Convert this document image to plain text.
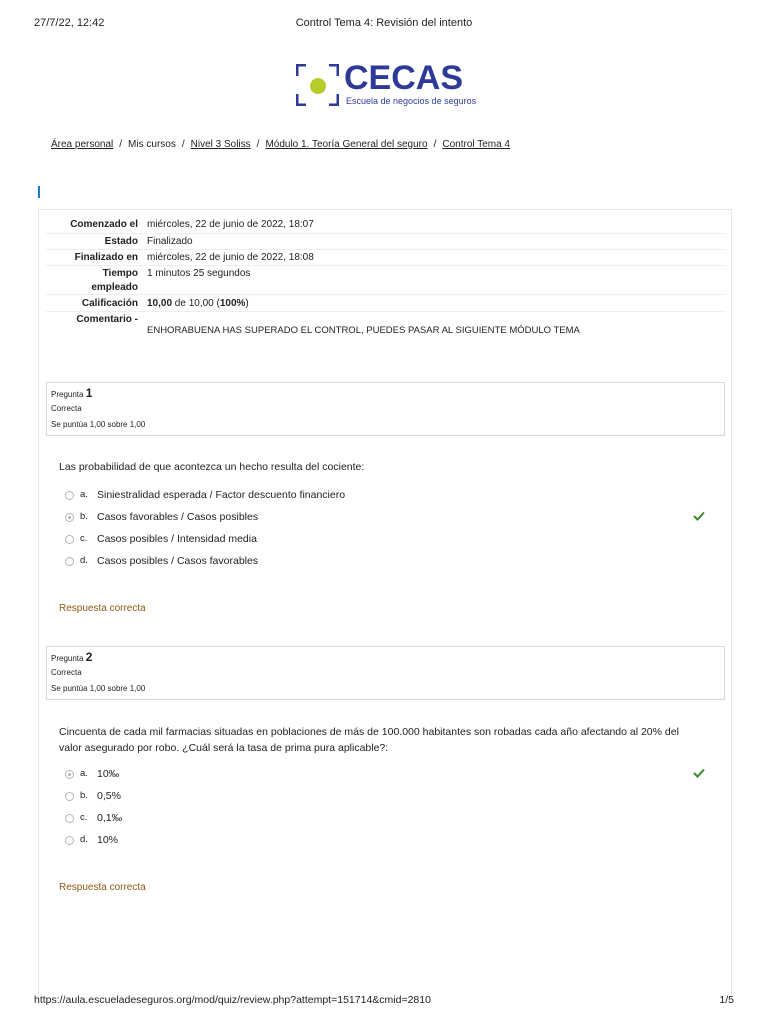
27/7/22, 12:42	Control Tema 4: Revisión del intento
CECAS
Escuela de negocios de seguros
Área personal / Mis cursos / Nivel 3 Soliss / Módulo 1. Teoría General del seguro / Control Tema 4
Comenzado el miércoles, 22 de junio de 2022, 18:07
Estado Finalizado
Finalizado en miércoles, 22 de junio de 2022, 18:08
Tiempo
empleado
1 minutos 25 segundos
Calificación 10,00 de 10,00 (100%)
Comentario -
ENHORABUENA HAS SUPERADO EL CONTROL, PUEDES PASAR AL SIGUIENTE MÓDULO TEMA
Pregunta 1
Correcta
Se puntúa 1,00 sobre 1,00
Las probabilidad de que acontezca un hecho resulta del cociente:
a. Siniestralidad esperada / Factor descuento financiero
b. Casos favorables / Casos posibles
c. Casos posibles / Intensidad media
d. Casos posibles / Casos favorables
Respuesta correcta
Pregunta 2
Correcta
Se puntúa 1,00 sobre 1,00
Cincuenta de cada mil farmacias situadas en poblaciones de más de 100.000 habitantes son robadas cada año afectando al 20% del
valor asegurado por robo. ¿Cuál será la tasa de prima pura aplicable?:
a. 10‰
b. 0,5%
c. 0,1‰
d. 10%
Respuesta correcta
https://aula.escueladeseguros.org/mod/quiz/review.php?attempt=151714&cmid=2810	1/5
